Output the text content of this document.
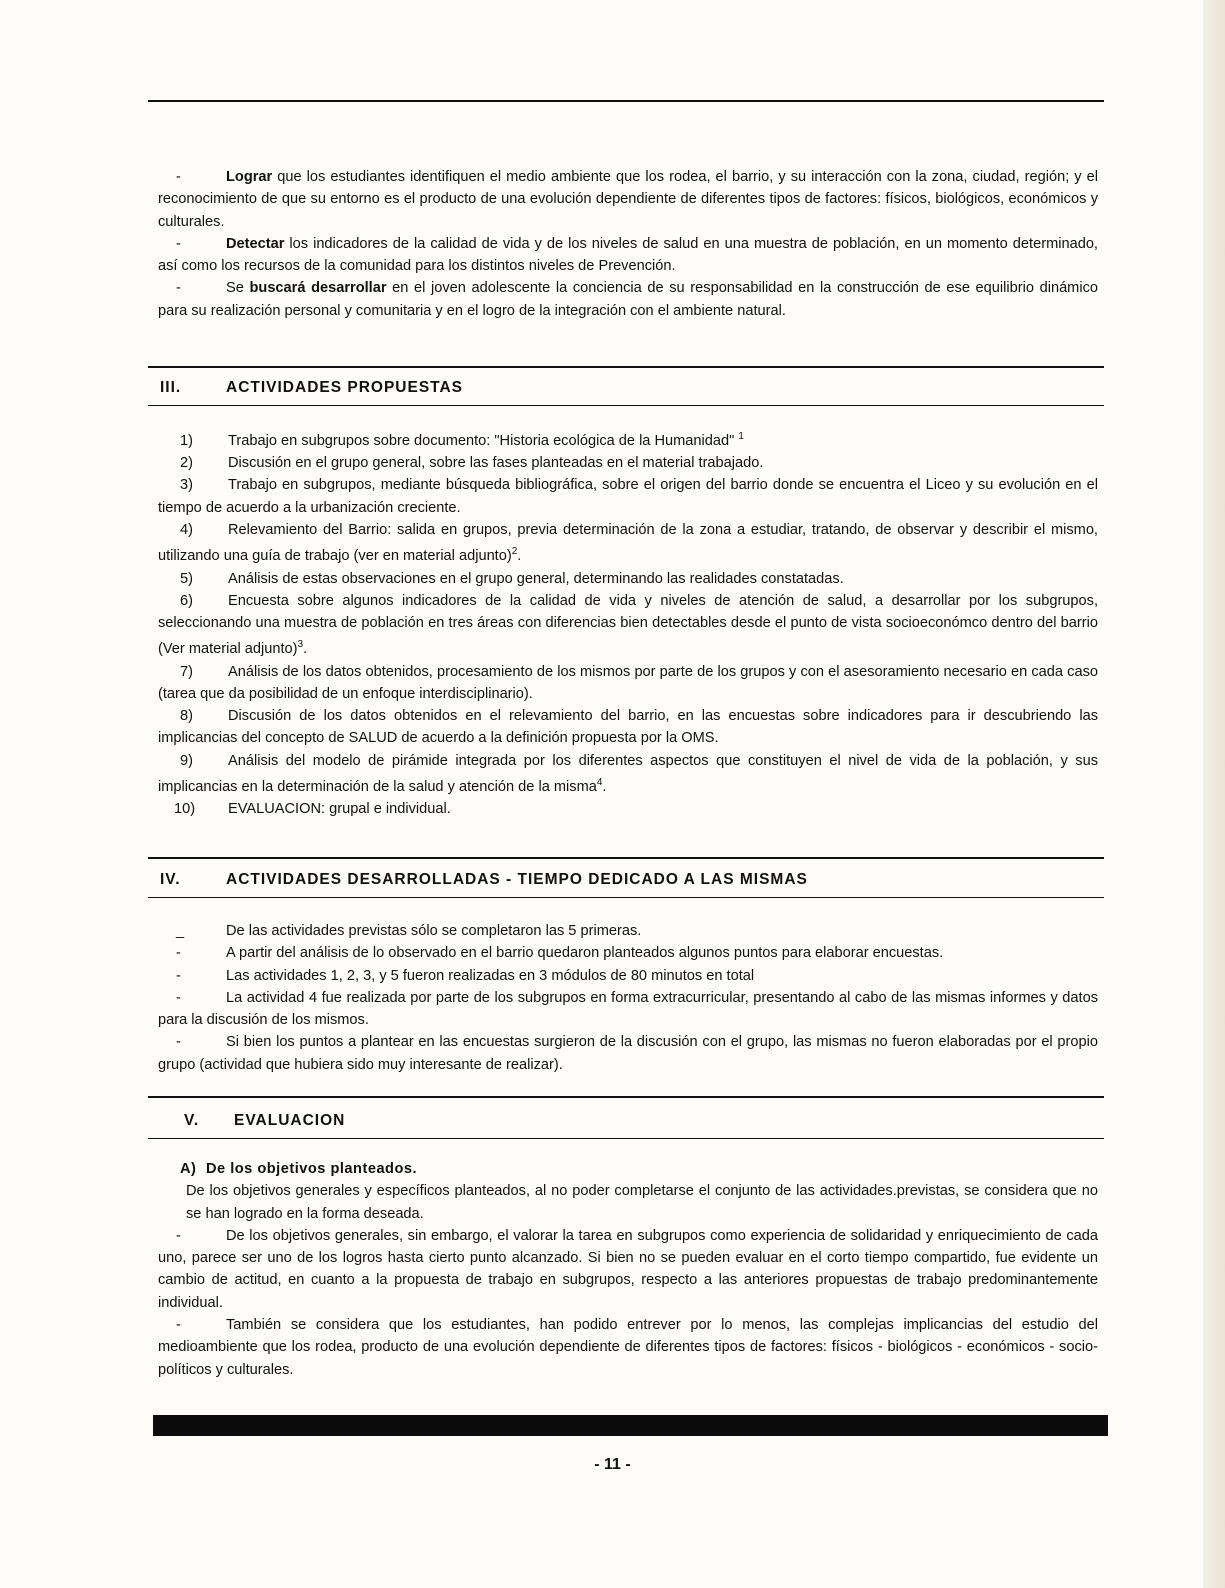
-	Lograr que los estudiantes identifiquen el medio ambiente que los rodea, el barrio, y su interacción con la zona, ciudad, región; y el reconocimiento de que su entorno es el producto de una evolución dependiente de diferentes tipos de factores: físicos, biológicos, económicos y culturales.

-	Detectar los indicadores de la calidad de vida y de los niveles de salud en una muestra de población, en un momento determinado, así como los recursos de la comunidad para los distintos niveles de Prevención.

-	Se buscará desarrollar en el joven adolescente la conciencia de su responsabilidad en la construcción de ese equilibrio dinámico para su realización personal y comunitaria y en el logro de la integración con el ambiente natural.

III.	ACTIVIDADES PROPUESTAS

1) Trabajo en subgrupos sobre documento: "Historia ecológica de la Humanidad" $^1$

2) Discusión en el grupo general, sobre las fases planteadas en el material trabajado.

3) Trabajo en subgrupos, mediante búsqueda bibliográfica, sobre el origen del barrio donde se encuentra el Liceo y su evolución en el tiempo de acuerdo a la urbanización creciente.

4) Relevamiento del Barrio: salida en grupos, previa determinación de la zona a estudiar, tratando, de observar y describir el mismo, utilizando una guía de trabajo (ver en material adjunto)$^2$.

5) Análisis de estas observaciones en el grupo general, determinando las realidades constatadas.

6) Encuesta sobre algunos indicadores de la calidad de vida y niveles de atención de salud, a desarrollar por los subgrupos, seleccionando una muestra de población en tres áreas con diferencias bien detectables desde el punto de vista socioeconómco dentro del barrio (Ver material adjunto)$^3$.

7) Análisis de los datos obtenidos, procesamiento de los mismos por parte de los grupos y con el asesoramiento necesario en cada caso (tarea que da posibilidad de un enfoque interdisciplinario).

8) Discusión de los datos obtenidos en el relevamiento del barrio, en las encuestas sobre indicadores para ir descubriendo las implicancias del concepto de SALUD de acuerdo a la definición propuesta por la OMS.

9) Análisis del modelo de pirámide integrada por los diferentes aspectos que constituyen el nivel de vida de la población, y sus implicancias en la determinación de la salud y atención de la misma$^4$.

10) EVALUACION: grupal e individual.

IV.	ACTIVIDADES DESARROLLADAS - TIEMPO DEDICADO A LAS MISMAS

_	De las actividades previstas sólo se completaron las 5 primeras.

-	A partir del análisis de lo observado en el barrio quedaron planteados algunos puntos para elaborar encuestas.

-	Las actividades 1, 2, 3, y 5 fueron realizadas en 3 módulos de 80 minutos en total

-	La actividad 4 fue realizada por parte de los subgrupos en forma extracurricular, presentando al cabo de las mismas informes y datos para la discusión de los mismos.

-	Si bien los puntos a plantear en las encuestas surgieron de la discusión con el grupo, las mismas no fueron elaboradas por el propio grupo (actividad que hubiera sido muy interesante de realizar).

V. EVALUACION

A) De los objetivos planteados.

De los objetivos generales y específicos planteados, al no poder completarse el conjunto de las actividades.previstas, se considera que no se han logrado en la forma deseada.

-	De los objetivos generales, sin embargo, el valorar la tarea en subgrupos como experiencia de solidaridad y enriquecimiento de cada uno, parece ser uno de los logros hasta cierto punto alcanzado. Si bien no se pueden evaluar en el corto tiempo compartido, fue evidente un cambio de actitud, en cuanto a la propuesta de trabajo en subgrupos, respecto a las anteriores propuestas de trabajo predominantemente individual.

-	También se considera que los estudiantes, han podido entrever por lo menos, las complejas implicancias del estudio del medioambiente que los rodea, producto de una evolución dependiente de diferentes tipos de factores: físicos - biológicos - económicos - socio-políticos y culturales.

- 11 -
